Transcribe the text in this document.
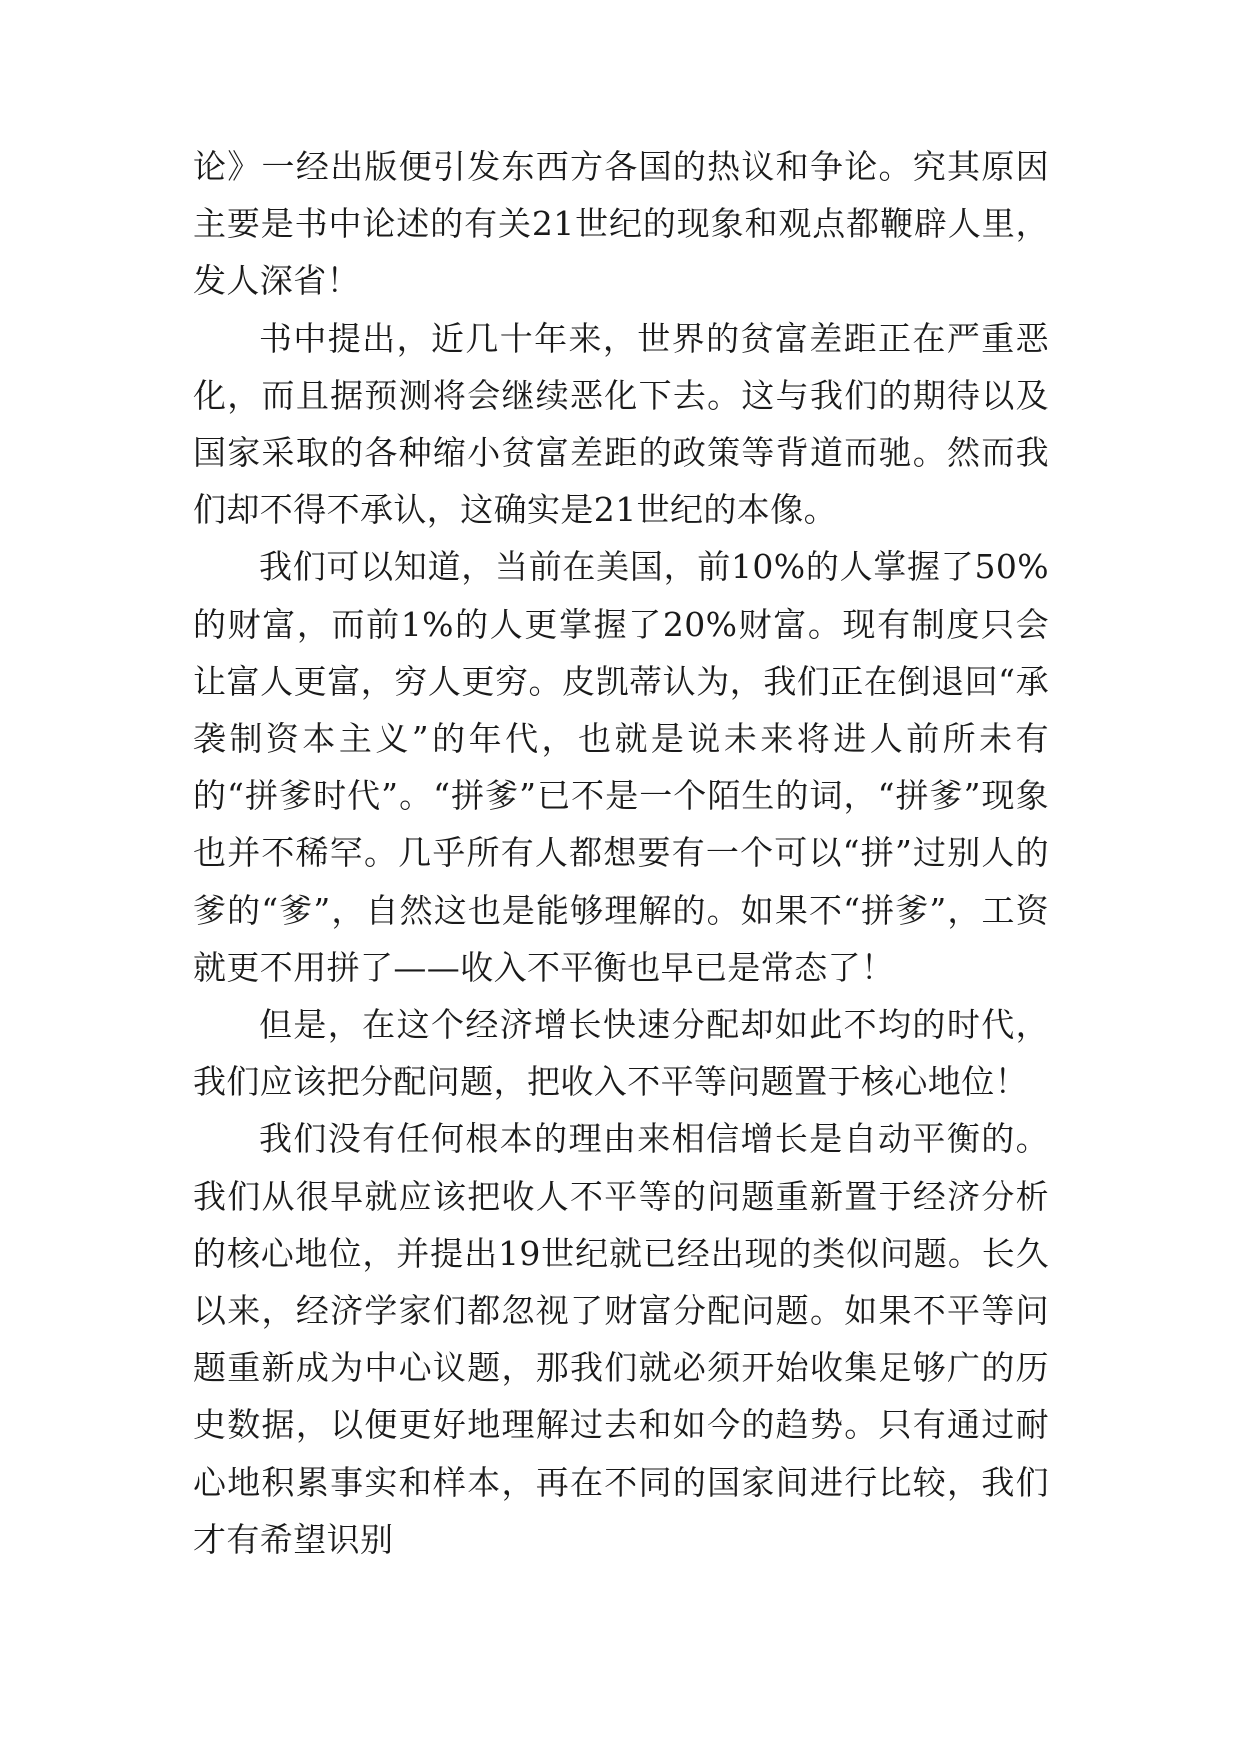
论》一经出版便引发东西方各国的热议和争论。究其原因主要是书中论述的有关21世纪的现象和观点都鞭辟人里，发人深省！

书中提出，近几十年来，世界的贫富差距正在严重恶化，而且据预测将会继续恶化下去。这与我们的期待以及国家采取的各种缩小贫富差距的政策等背道而驰。然而我们却不得不承认，这确实是21世纪的本像。

我们可以知道，当前在美国，前10%的人掌握了50%的财富，而前1%的人更掌握了20%财富。现有制度只会让富人更富，穷人更穷。皮凯蒂认为，我们正在倒退回“承袭制资本主义”的年代，也就是说未来将进人前所未有的“拼爹时代”。“拼爹”已不是一个陌生的词，“拼爹”现象也并不稀罕。几乎所有人都想要有一个可以“拼”过别人的爹的“爹”，自然这也是能够理解的。如果不“拼爹”，工资就更不用拼了——收入不平衡也早已是常态了！

但是，在这个经济增长快速分配却如此不均的时代，我们应该把分配问题，把收入不平等问题置于核心地位！

我们没有任何根本的理由来相信增长是自动平衡的。我们从很早就应该把收人不平等的问题重新置于经济分析的核心地位，并提出19世纪就已经出现的类似问题。长久以来，经济学家们都忽视了财富分配问题。如果不平等问题重新成为中心议题，那我们就必须开始收集足够广的历史数据，以便更好地理解过去和如今的趋势。只有通过耐心地积累事实和样本，再在不同的国家间进行比较，我们才有希望识别
